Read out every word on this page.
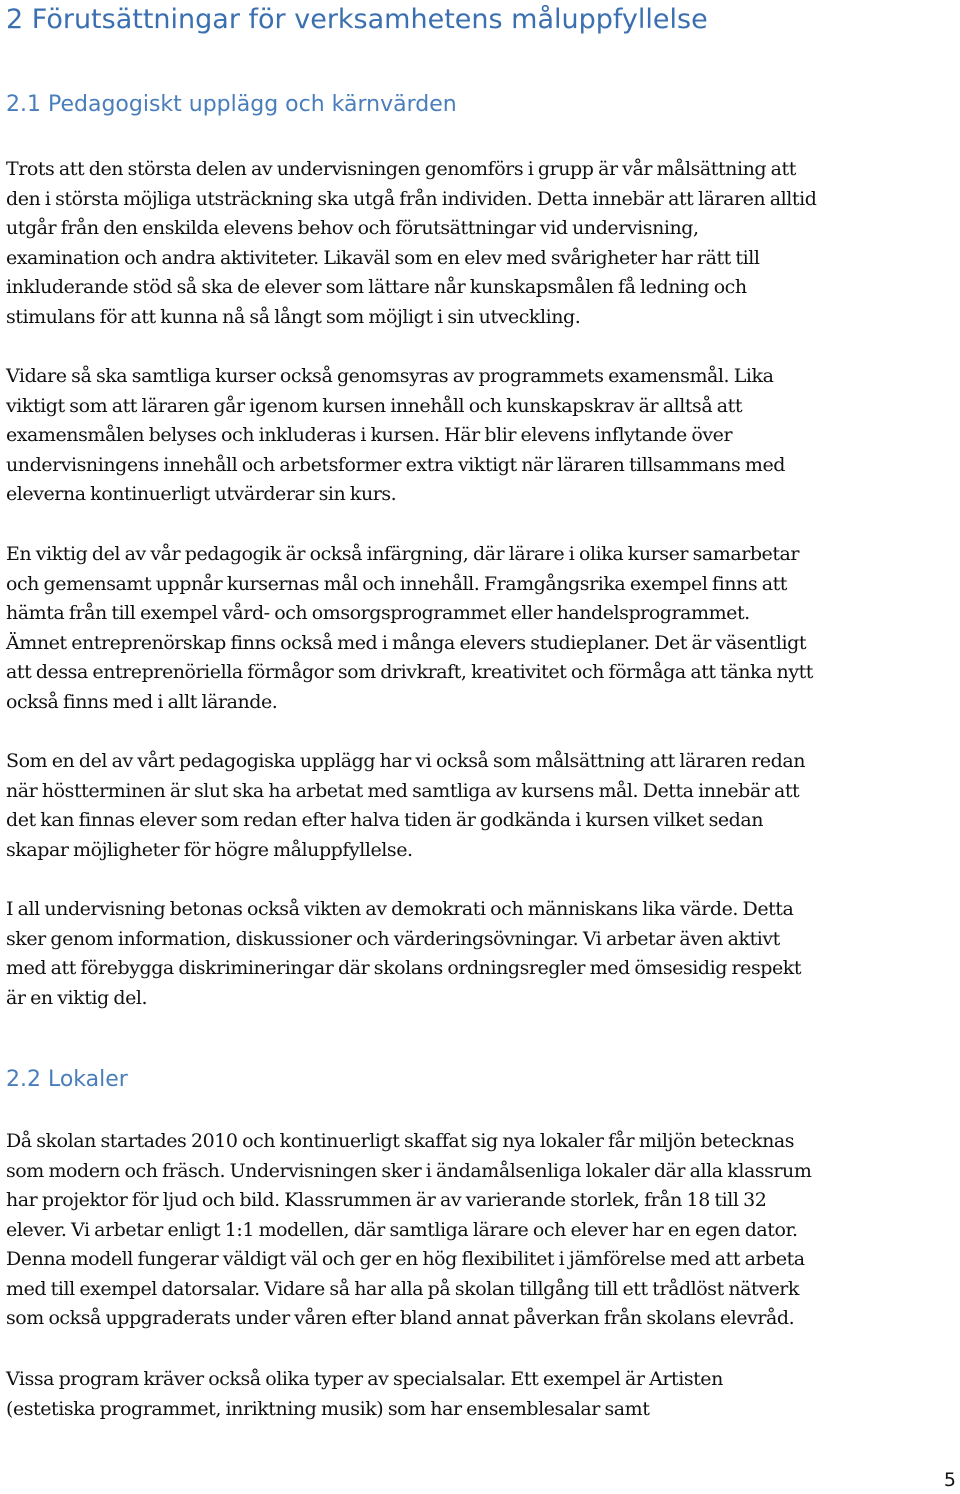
2 Förutsättningar för verksamhetens måluppfyllelse
2.1 Pedagogiskt upplägg och kärnvärden

Trots att den största delen av undervisningen genomförs i grupp är vår målsättning att
den i största möjliga utsträckning ska utgå från individen. Detta innebär att läraren alltid
utgår från den enskilda elevens behov och förutsättningar vid undervisning,
examination och andra aktiviteter. Likaväl som en elev med svårigheter har rätt till
inkluderande stöd så ska de elever som lättare når kunskapsmålen få ledning och
stimulans för att kunna nå så långt som möjligt i sin utveckling.

Vidare så ska samtliga kurser också genomsyras av programmets examensmål. Lika
viktigt som att läraren går igenom kursen innehåll och kunskapskrav är alltså att
examensmålen belyses och inkluderas i kursen. Här blir elevens inflytande över
undervisningens innehåll och arbetsformer extra viktigt när läraren tillsammans med
eleverna kontinuerligt utvärderar sin kurs.

En viktig del av vår pedagogik är också infärgning, där lärare i olika kurser samarbetar
och gemensamt uppnår kursernas mål och innehåll. Framgångsrika exempel finns att
hämta från till exempel vård- och omsorgsprogrammet eller handelsprogrammet.
Ämnet entreprenörskap finns också med i många elevers studieplaner. Det är väsentligt
att dessa entreprenöriella förmågor som drivkraft, kreativitet och förmåga att tänka nytt
också finns med i allt lärande.

Som en del av vårt pedagogiska upplägg har vi också som målsättning att läraren redan
när höstterminen är slut ska ha arbetat med samtliga av kursens mål. Detta innebär att
det kan finnas elever som redan efter halva tiden är godkända i kursen vilket sedan
skapar möjligheter för högre måluppfyllelse.

I all undervisning betonas också vikten av demokrati och människans lika värde. Detta
sker genom information, diskussioner och värderingsövningar. Vi arbetar även aktivt
med att förebygga diskrimineringar där skolans ordningsregler med ömsesidig respekt
är en viktig del.

2.2 Lokaler

Då skolan startades 2010 och kontinuerligt skaffat sig nya lokaler får miljön betecknas
som modern och fräsch. Undervisningen sker i ändamålsenliga lokaler där alla klassrum
har projektor för ljud och bild. Klassrummen är av varierande storlek, från 18 till 32
elever. Vi arbetar enligt 1:1 modellen, där samtliga lärare och elever har en egen dator.
Denna modell fungerar väldigt väl och ger en hög flexibilitet i jämförelse med att arbeta
med till exempel datorsalar. Vidare så har alla på skolan tillgång till ett trådlöst nätverk
som också uppgraderats under våren efter bland annat påverkan från skolans elevråd.

Vissa program kräver också olika typer av specialsalar. Ett exempel är Artisten
(estetiska programmet, inriktning musik) som har ensemblesalar samt

5
